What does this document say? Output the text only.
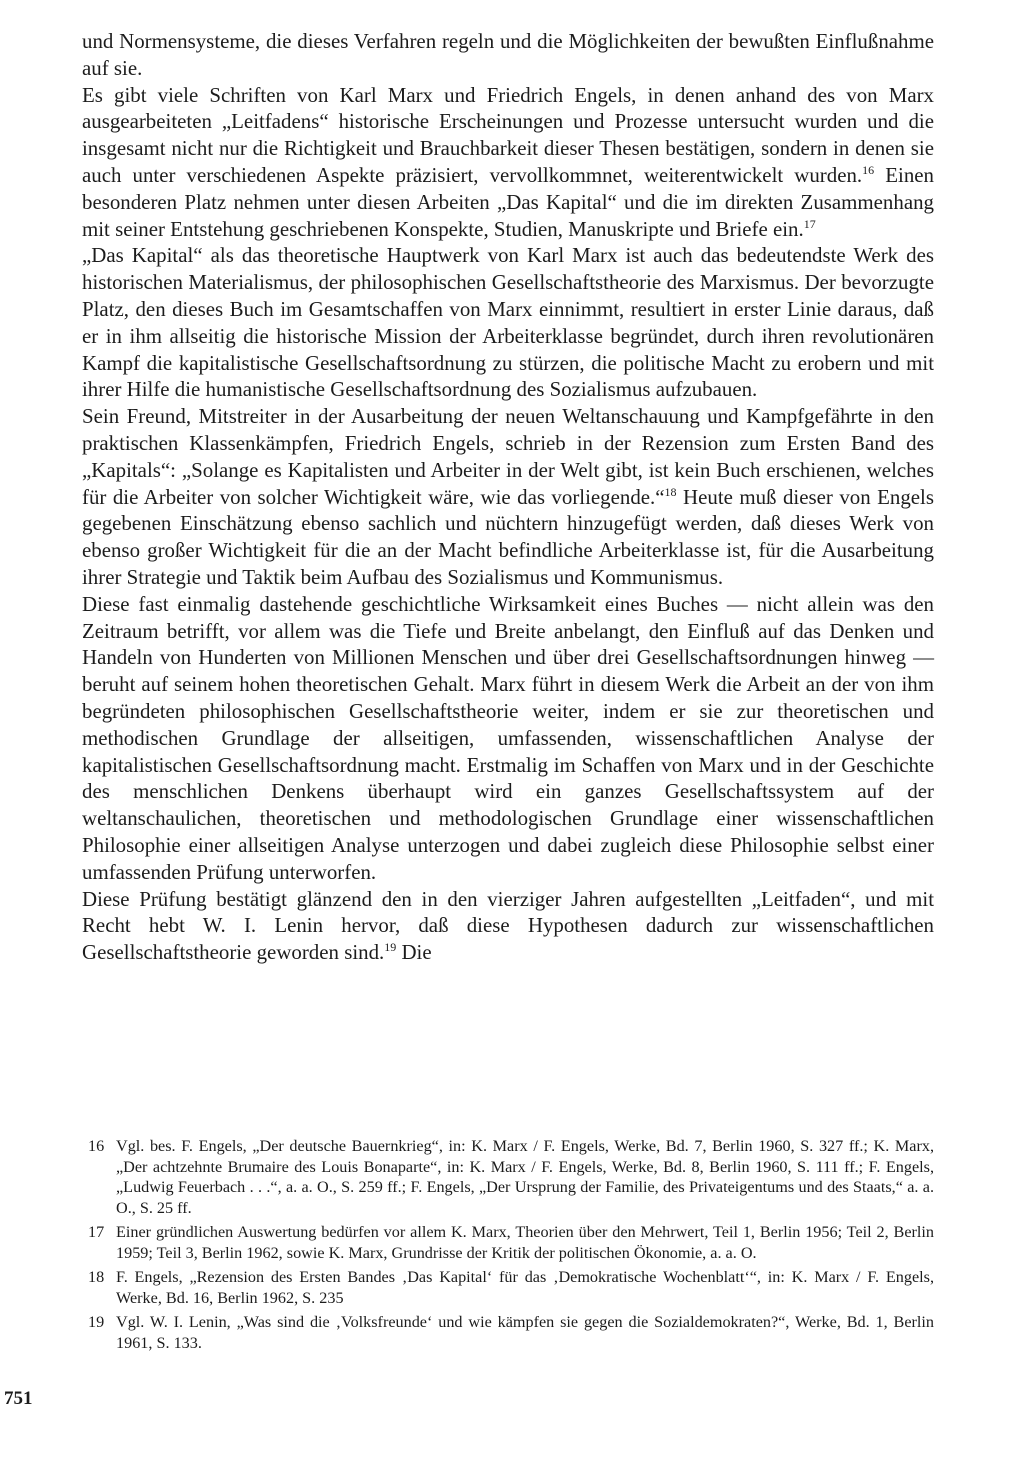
und Normensysteme, die dieses Verfahren regeln und die Möglichkeiten der bewußten Einflußnahme auf sie.

Es gibt viele Schriften von Karl Marx und Friedrich Engels, in denen anhand des von Marx ausgearbeiteten „Leitfadens“ historische Erscheinungen und Prozesse untersucht wurden und die insgesamt nicht nur die Richtigkeit und Brauchbarkeit dieser Thesen bestätigen, sondern in denen sie auch unter verschiedenen Aspekte präzisiert, vervollkommnet, weiterentwickelt wurden.$^{16}$ Einen besonderen Platz nehmen unter diesen Arbeiten „Das Kapital“ und die im direkten Zusammenhang mit seiner Entstehung geschriebenen Konspekte, Studien, Manuskripte und Briefe ein.$^{17}$

„Das Kapital“ als das theoretische Hauptwerk von Karl Marx ist auch das bedeutendste Werk des historischen Materialismus, der philosophischen Gesellschaftstheorie des Marxismus. Der bevorzugte Platz, den dieses Buch im Gesamtschaffen von Marx einnimmt, resultiert in erster Linie daraus, daß er in ihm allseitig die historische Mission der Arbeiterklasse begründet, durch ihren revolutionären Kampf die kapitalistische Gesellschaftsordnung zu stürzen, die politische Macht zu erobern und mit ihrer Hilfe die humanistische Gesellschaftsordnung des Sozialismus aufzubauen.

Sein Freund, Mitstreiter in der Ausarbeitung der neuen Weltanschauung und Kampfgefährte in den praktischen Klassenkämpfen, Friedrich Engels, schrieb in der Rezension zum Ersten Band des „Kapitals“: „Solange es Kapitalisten und Arbeiter in der Welt gibt, ist kein Buch erschienen, welches für die Arbeiter von solcher Wichtigkeit wäre, wie das vorliegende.“$^{18}$ Heute muß dieser von Engels gegebenen Einschätzung ebenso sachlich und nüchtern hinzugefügt werden, daß dieses Werk von ebenso großer Wichtigkeit für die an der Macht befindliche Arbeiterklasse ist, für die Ausarbeitung ihrer Strategie und Taktik beim Aufbau des Sozialismus und Kommunismus.

Diese fast einmalig dastehende geschichtliche Wirksamkeit eines Buches — nicht allein was den Zeitraum betrifft, vor allem was die Tiefe und Breite anbelangt, den Einfluß auf das Denken und Handeln von Hunderten von Millionen Menschen und über drei Gesellschaftsordnungen hinweg — beruht auf seinem hohen theoretischen Gehalt. Marx führt in diesem Werk die Arbeit an der von ihm begründeten philosophischen Gesellschaftstheorie weiter, indem er sie zur theoretischen und methodischen Grundlage der allseitigen, umfassenden, wissenschaftlichen Analyse der kapitalistischen Gesellschaftsordnung macht. Erstmalig im Schaffen von Marx und in der Geschichte des menschlichen Denkens überhaupt wird ein ganzes Gesellschaftssystem auf der weltanschaulichen, theoretischen und methodologischen Grundlage einer wissenschaftlichen Philosophie einer allseitigen Analyse unterzogen und dabei zugleich diese Philosophie selbst einer umfassenden Prüfung unterworfen.

Diese Prüfung bestätigt glänzend den in den vierziger Jahren aufgestellten „Leitfaden“, und mit Recht hebt W. I. Lenin hervor, daß diese Hypothesen dadurch zur wissenschaftlichen Gesellschaftstheorie geworden sind.$^{19}$ Die

16 Vgl. bes. F. Engels, „Der deutsche Bauernkrieg“, in: K. Marx / F. Engels, Werke, Bd. 7, Berlin 1960, S. 327 ff.; K. Marx, „Der achtzehnte Brumaire des Louis Bonaparte“, in: K. Marx / F. Engels, Werke, Bd. 8, Berlin 1960, S. 111 ff.; F. Engels, „Ludwig Feuerbach . . .“, a. a. O., S. 259 ff.; F. Engels, „Der Ursprung der Familie, des Privateigentums und des Staats,“ a. a. O., S. 25 ff.
17 Einer gründlichen Auswertung bedürfen vor allem K. Marx, Theorien über den Mehrwert, Teil 1, Berlin 1956; Teil 2, Berlin 1959; Teil 3, Berlin 1962, sowie K. Marx, Grundrisse der Kritik der politischen Ökonomie, a. a. O.
18 F. Engels, „Rezension des Ersten Bandes ‚Das Kapital‘ für das ‚Demokratische Wochenblatt‘“, in: K. Marx / F. Engels, Werke, Bd. 16, Berlin 1962, S. 235
19 Vgl. W. I. Lenin, „Was sind die ‚Volksfreunde‘ und wie kämpfen sie gegen die Sozialdemokraten?“, Werke, Bd. 1, Berlin 1961, S. 133.
751
